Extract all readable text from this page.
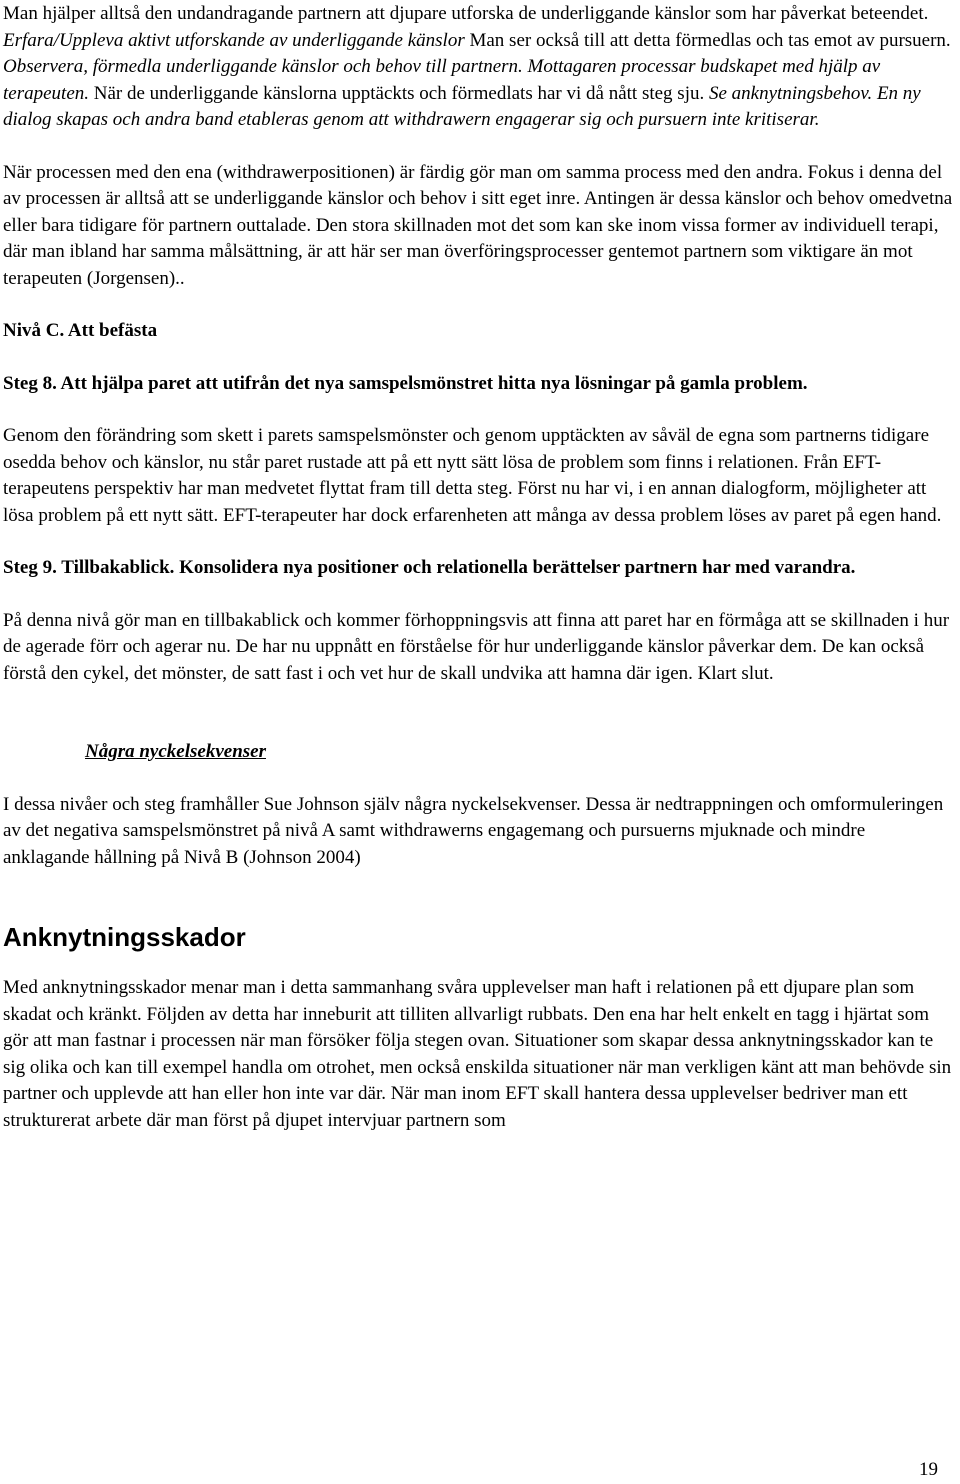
Man hjälper alltså den undandragande partnern att djupare utforska de underliggande känslor som har påverkat beteendet. Erfara/Uppleva aktivt utforskande av underliggande känslor Man ser också till att detta förmedlas och tas emot av pursuern. Observera, förmedla underliggande känslor och behov till partnern. Mottagaren processar budskapet med hjälp av terapeuten. När de underliggande känslorna upptäckts och förmedlats har vi då nått steg sju. Se anknytningsbehov. En ny dialog skapas och andra band etableras genom att withdrawern engagerar sig och pursuern inte kritiserar.

När processen med den ena (withdrawerpositionen) är färdig gör man om samma process med den andra. Fokus i denna del av processen är alltså att se underliggande känslor och behov i sitt eget inre. Antingen är dessa känslor och behov omedvetna eller bara tidigare för partnern outtalade. Den stora skillnaden mot det som kan ske inom vissa former av individuell terapi, där man ibland har samma målsättning, är att här ser man överföringsprocesser gentemot partnern som viktigare än mot terapeuten (Jorgensen)..

Nivå C. Att befästa

Steg 8. Att hjälpa paret att utifrån det nya samspelsmönstret hitta nya lösningar på gamla problem.

Genom den förändring som skett i parets samspelsmönster och genom upptäckten av såväl de egna som partnerns tidigare osedda behov och känslor, nu står paret rustade att på ett nytt sätt lösa de problem som finns i relationen. Från EFT-terapeutens perspektiv har man medvetet flyttat fram till detta steg. Först nu har vi, i en annan dialogform, möjligheter att lösa problem på ett nytt sätt. EFT-terapeuter har dock erfarenheten att många av dessa problem löses av paret på egen hand.

Steg 9. Tillbakablick. Konsolidera nya positioner och relationella berättelser partnern har med varandra.

På denna nivå gör man en tillbakablick och kommer förhoppningsvis att finna att paret har en förmåga att se skillnaden i hur de agerade förr och agerar nu. De har nu uppnått en förståelse för hur underliggande känslor påverkar dem. De kan också förstå den cykel, det mönster, de satt fast i och vet hur de skall undvika att hamna där igen. Klart slut.

Några nyckelsekvenser

I dessa nivåer och steg framhåller Sue Johnson själv några nyckelsekvenser. Dessa är nedtrappningen och omformuleringen av det negativa samspelsmönstret på nivå A samt withdrawerns engagemang och pursuerns mjuknade och mindre anklagande hållning på Nivå B (Johnson 2004)

Anknytningsskador

Med anknytningsskador menar man i detta sammanhang svåra upplevelser man haft i relationen på ett djupare plan som skadat och kränkt. Följden av detta har inneburit att tilliten allvarligt rubbats. Den ena har helt enkelt en tagg i hjärtat som gör att man fastnar i processen när man försöker följa stegen ovan. Situationer som skapar dessa anknytningsskador kan te sig olika och kan till exempel handla om otrohet, men också enskilda situationer när man verkligen känt att man behövde sin partner och upplevde att han eller hon inte var där. När man inom EFT skall hantera dessa upplevelser bedriver man ett strukturerat arbete där man först på djupet intervjuar partnern som

19
